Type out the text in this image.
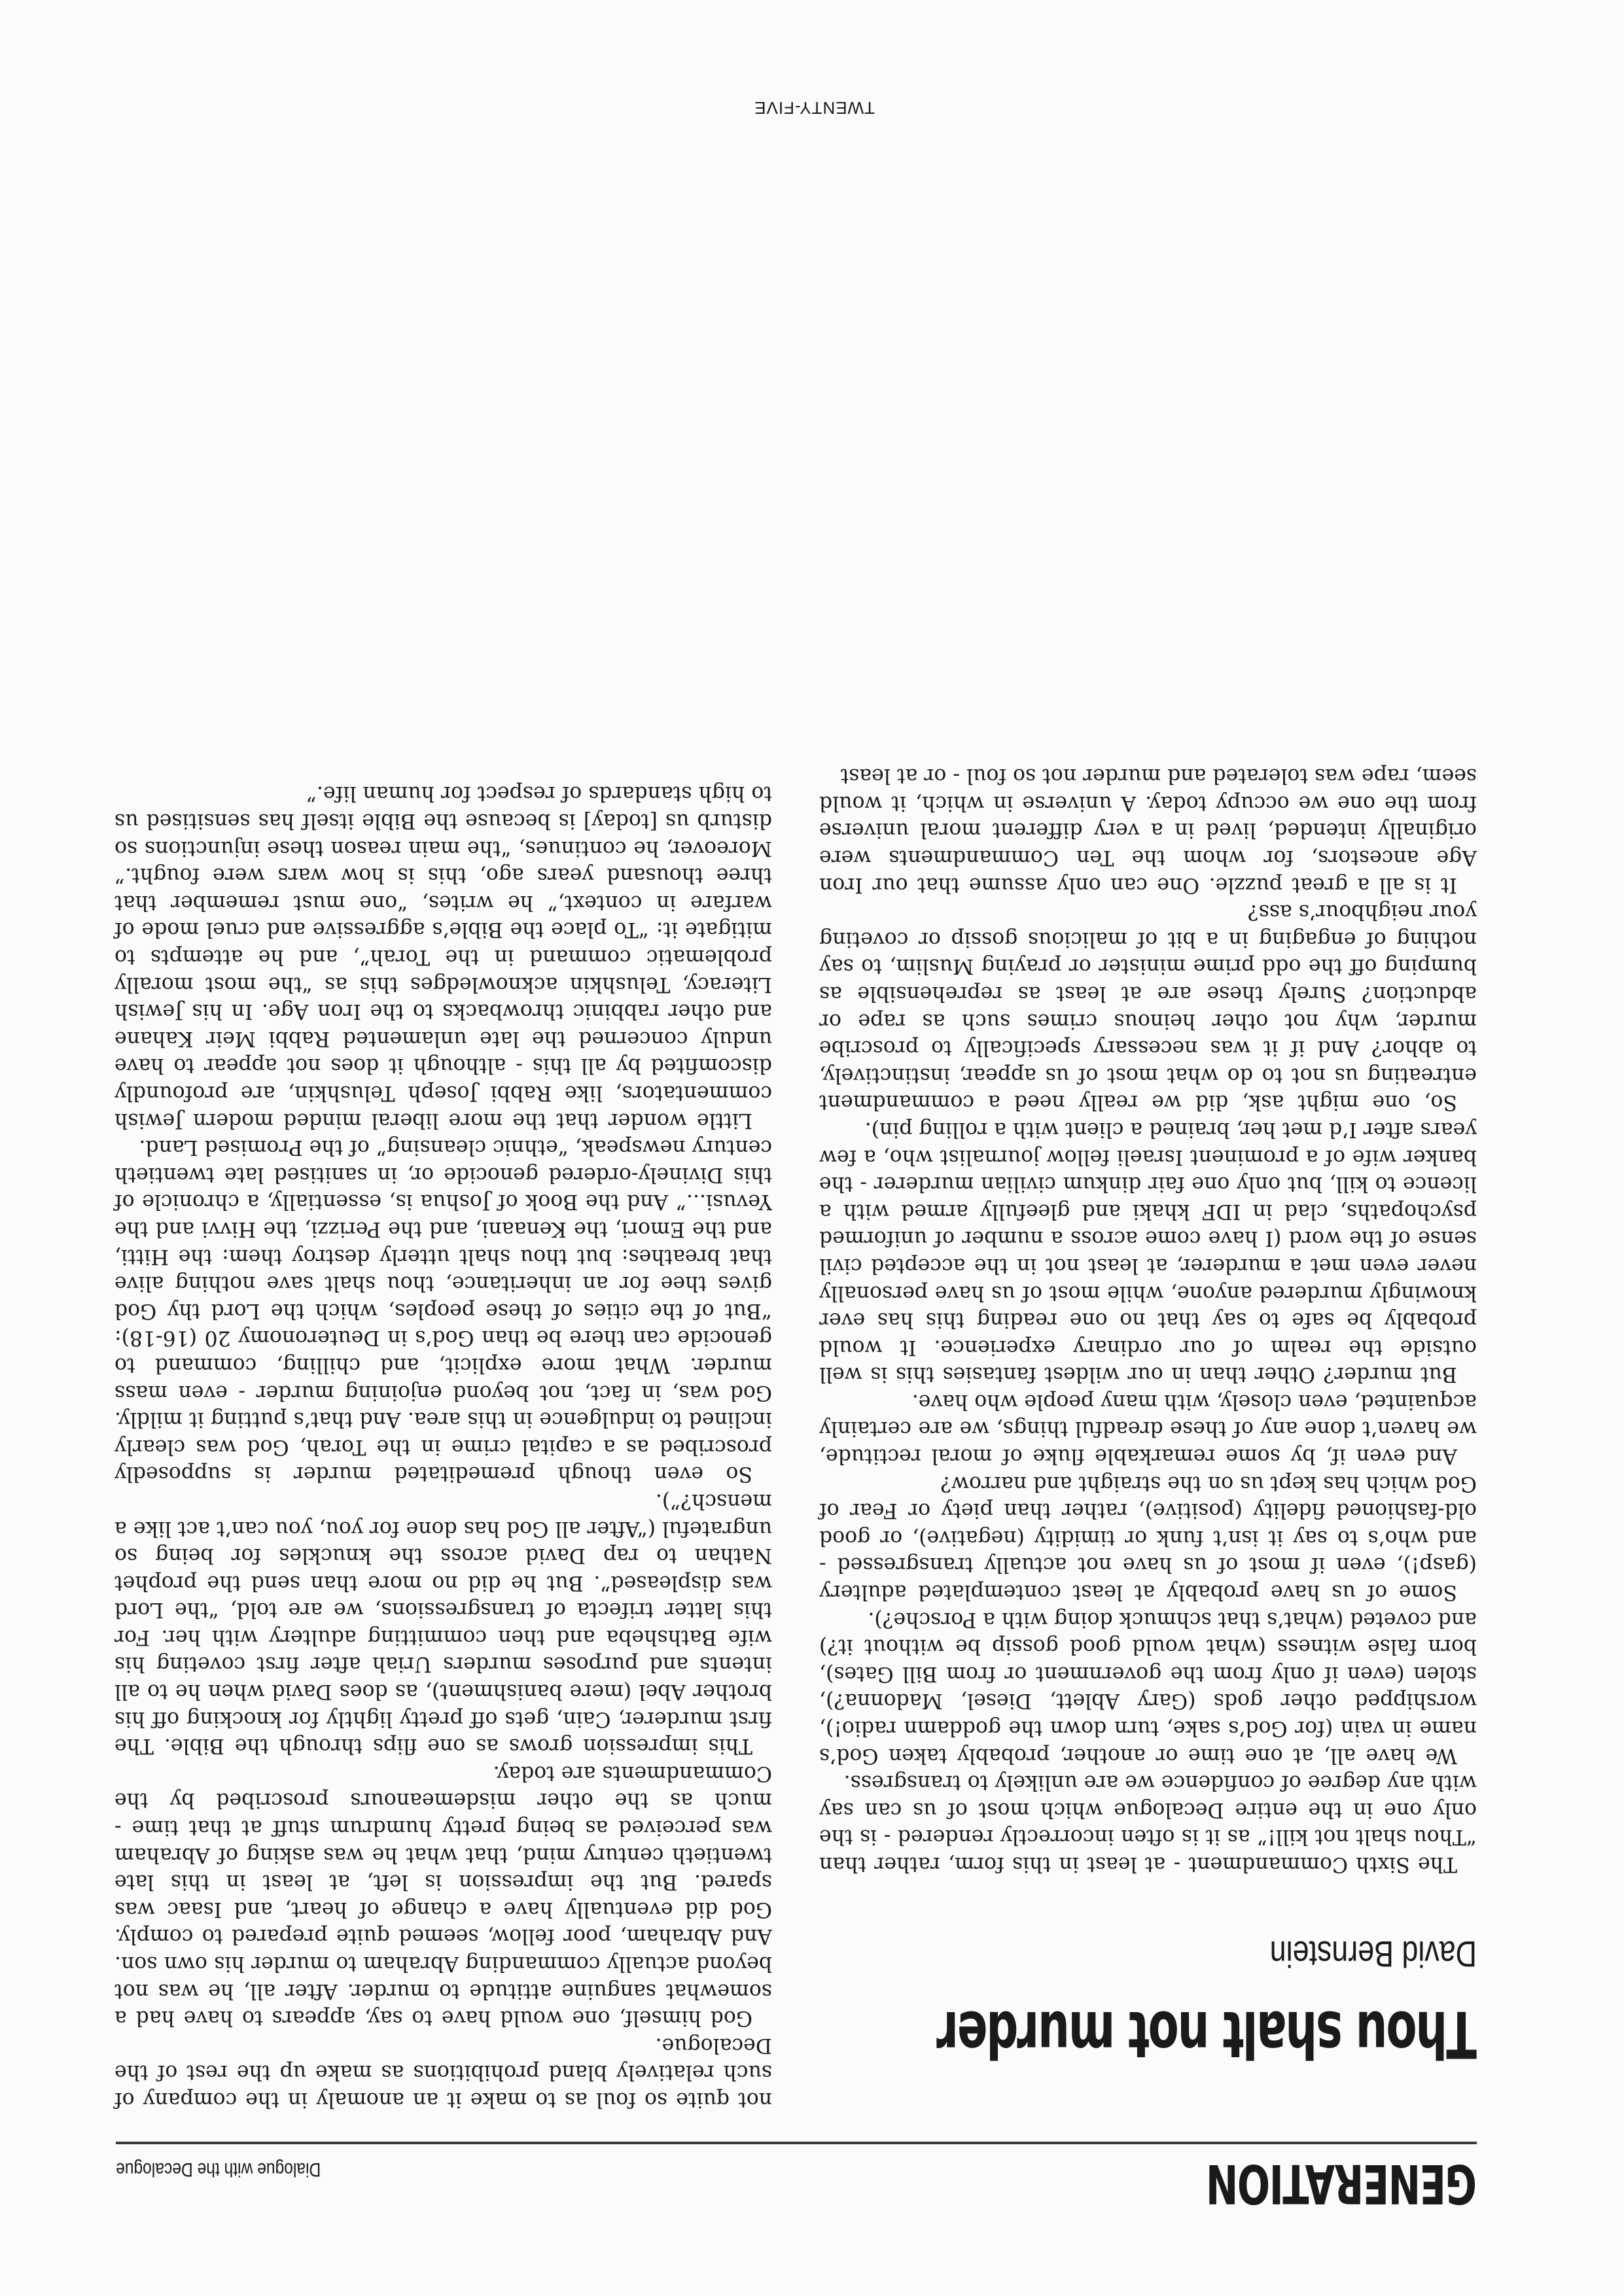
GENERATION
Dialogue with the Decalogue
Thou shalt not murder
David Bernstein

The Sixth Commandment - at least in this form, rather than “Thou shalt not kill!” as it is often incorrectly rendered - is the only one in the entire Decalogue which most of us can say with any degree of confidence we are unlikely to transgress.

We have all, at one time or another, probably taken God’s name in vain (for God’s sake, turn down the goddamn radio!), worshipped other gods (Gary Ablett, Diesel, Madonna?), stolen (even if only from the government or from Bill Gates), born false witness (what would good gossip be without it?) and coveted (what’s that schmuck doing with a Porsche?).

Some of us have probably at least contemplated adultery (gasp!), even if most of us have not actually transgressed - and who’s to say it isn’t funk or timidity (negative), or good old-fashioned fidelity (positive), rather than piety or Fear of God which has kept us on the straight and narrow?

And even if, by some remarkable fluke of moral rectitude, we haven’t done any of these dreadful things, we are certainly acquainted, even closely, with many people who have.

But murder? Other than in our wildest fantasies this is well outside the realm of our ordinary experience. It would probably be safe to say that no one reading this has ever knowingly murdered anyone, while most of us have personally never even met a murderer, at least not in the accepted civil sense of the word (I have come across a number of uniformed psychopaths, clad in IDF khaki and gleefully armed with a licence to kill, but only one fair dinkum civilian murderer - the banker wife of a prominent Israeli fellow journalist who, a few years after I’d met her, brained a client with a rolling pin).

So, one might ask, did we really need a commandment entreating us not to do what most of us appear, instinctively, to abhor? And if it was necessary specifically to proscribe murder, why not other heinous crimes such as rape or abduction? Surely these are at least as reprehensible as bumping off the odd prime minister or praying Muslim, to say nothing of engaging in a bit of malicious gossip or coveting your neighbour’s ass?

It is all a great puzzle. One can only assume that our Iron Age ancestors, for whom the Ten Commandments were originally intended, lived in a very different moral universe from the one we occupy today. A universe in which, it would seem, rape was tolerated and murder not so foul - or at least

not quite so foul as to make it an anomaly in the company of such relatively bland prohibitions as make up the rest of the Decalogue.

God himself, one would have to say, appears to have had a somewhat sanguine attitude to murder. After all, he was not beyond actually commanding Abraham to murder his own son. And Abraham, poor fellow, seemed quite prepared to comply. God did eventually have a change of heart, and Isaac was spared. But the impression is left, at least in this late twentieth century mind, that what he was asking of Abraham was perceived as being pretty humdrum stuff at that time - much as the other misdemeanours proscribed by the Commandments are today.

This impression grows as one flips through the Bible. The first murderer, Cain, gets off pretty lightly for knocking off his brother Abel (mere banishment), as does David when he to all intents and purposes murders Uriah after first coveting his wife Bathsheba and then committing adultery with her. For this latter trifecta of transgressions, we are told, “the Lord was displeased”. But he did no more than send the prophet Nathan to rap David across the knuckles for being so ungrateful (“After all God has done for you, you can’t act like a mensch?”).

So even though premeditated murder is supposedly proscribed as a capital crime in the Torah, God was clearly inclined to indulgence in this area. And that’s putting it mildly. God was, in fact, not beyond enjoining murder - even mass murder. What more explicit, and chilling, command to genocide can there be than God’s in Deuteronomy 20 (16-18): “But of the cities of these peoples, which the Lord thy God gives thee for an inheritance, thou shalt save nothing alive that breathes: but thou shalt utterly destroy them: the Hitti, and the Emori, the Kenaani, and the Perizzi, the Hivvi and the Yevusi...” And the Book of Joshua is, essentially, a chronicle of this Divinely-ordered genocide or, in sanitised late twentieth century newspeak, “ethnic cleansing” of the Promised Land.

Little wonder that the more liberal minded modern Jewish commentators, like Rabbi Joseph Telushkin, are profoundly discomfited by all this - although it does not appear to have unduly concerned the late unlamented Rabbi Meir Kahane and other rabbinic throwbacks to the Iron Age. In his Jewish Literacy, Telushkin acknowledges this as “the most morally problematic command in the Torah”, and he attempts to mitigate it: “To place the Bible’s aggressive and cruel mode of warfare in context,” he writes, “one must remember that three thousand years ago, this is how wars were fought.” Moreover, he continues, “the main reason these injunctions so disturb us [today] is because the Bible itself has sensitised us to high standards of respect for human life.”

TWENTY-FIVE
